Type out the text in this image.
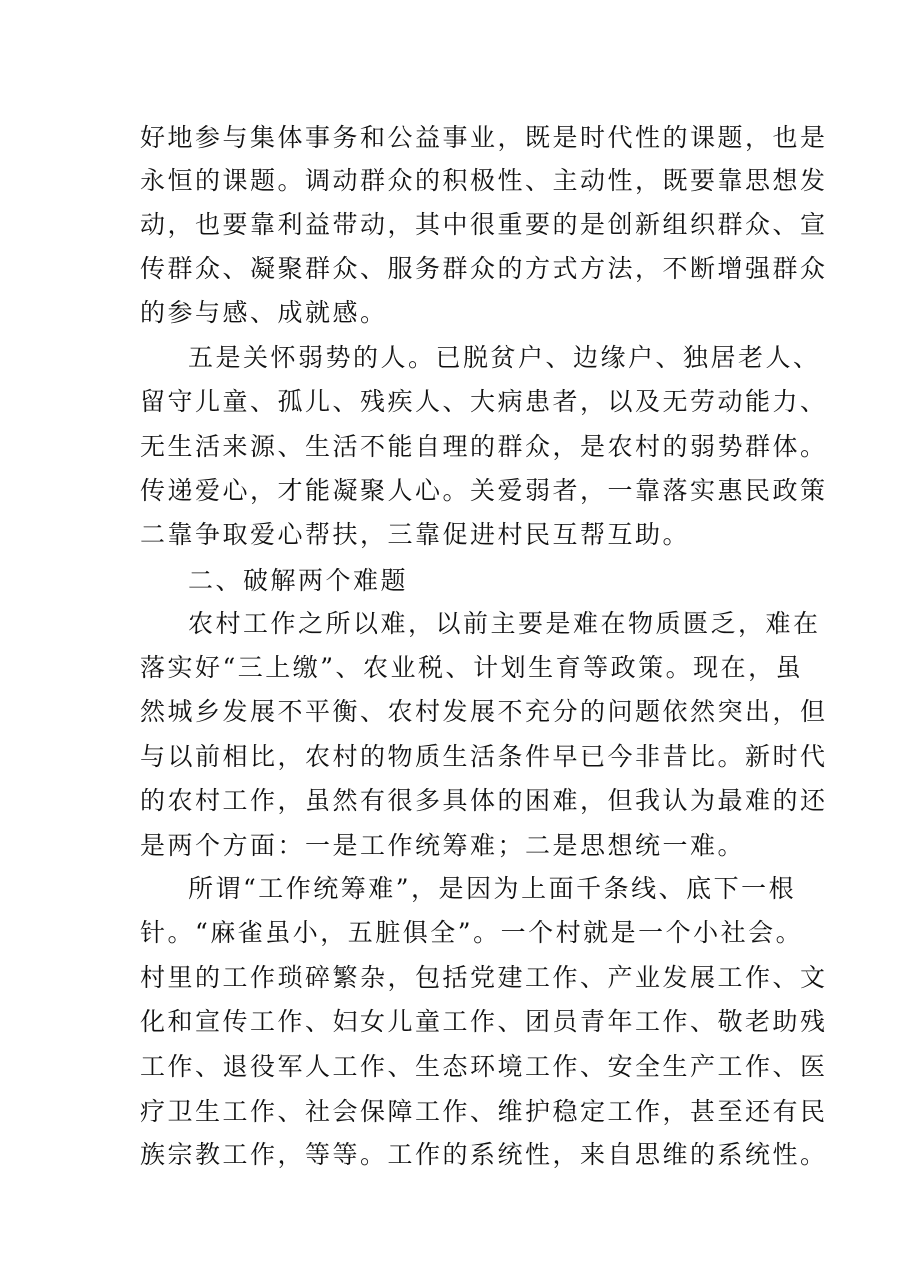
好地参与集体事务和公益事业，既是时代性的课题，也是
永恒的课题。调动群众的积极性、主动性，既要靠思想发
动，也要靠利益带动，其中很重要的是创新组织群众、宣
传群众、凝聚群众、服务群众的方式方法，不断增强群众
的参与感、成就感。
五是关怀弱势的人。已脱贫户、边缘户、独居老人、
留守儿童、孤儿、残疾人、大病患者，以及无劳动能力、
无生活来源、生活不能自理的群众，是农村的弱势群体。
传递爱心，才能凝聚人心。关爱弱者，一靠落实惠民政策
二靠争取爱心帮扶，三靠促进村民互帮互助。
二、破解两个难题
农村工作之所以难，以前主要是难在物质匮乏，难在
落实好“三上缴”、农业税、计划生育等政策。现在，虽
然城乡发展不平衡、农村发展不充分的问题依然突出，但
与以前相比，农村的物质生活条件早已今非昔比。新时代
的农村工作，虽然有很多具体的困难，但我认为最难的还
是两个方面：一是工作统筹难；二是思想统一难。
所谓“工作统筹难”，是因为上面千条线、底下一根
针。“麻雀虽小，五脏俱全”。一个村就是一个小社会。
村里的工作琐碎繁杂，包括党建工作、产业发展工作、文
化和宣传工作、妇女儿童工作、团员青年工作、敬老助残
工作、退役军人工作、生态环境工作、安全生产工作、医
疗卫生工作、社会保障工作、维护稳定工作，甚至还有民
族宗教工作，等等。工作的系统性，来自思维的系统性。
